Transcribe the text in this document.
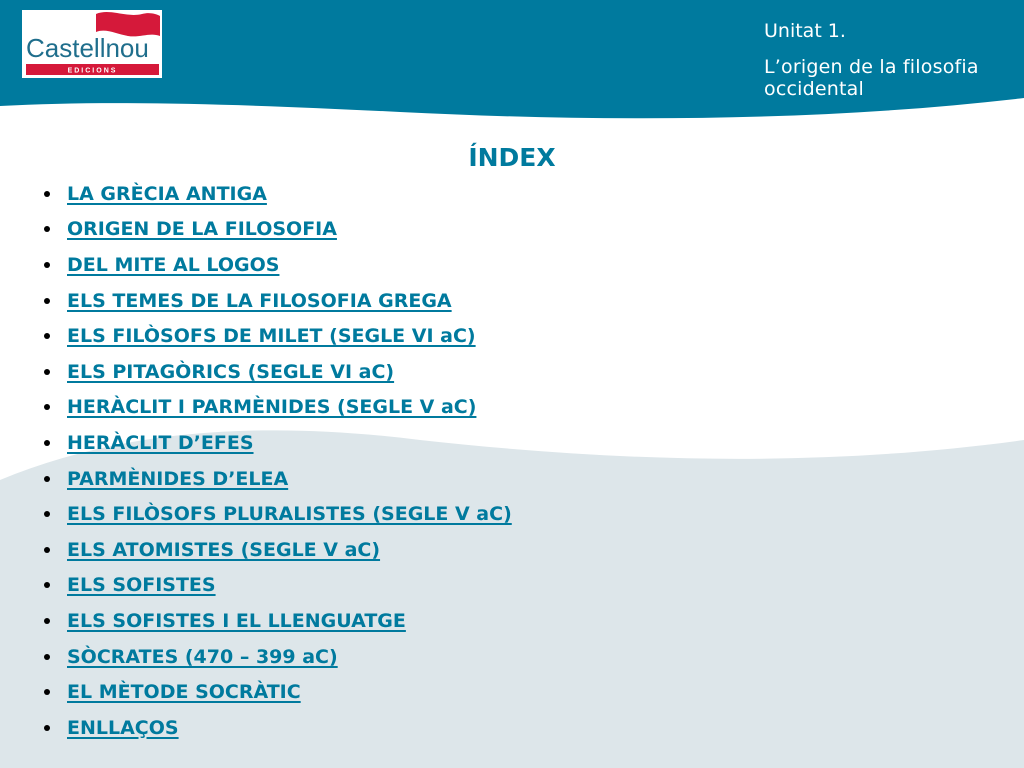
Castellnou
EDICIONS
Unitat 1.
L’origen de la filosofia occidental
ÍNDEX
LA GRÈCIA ANTIGA
ORIGEN DE LA FILOSOFIA
DEL MITE AL LOGOS
ELS TEMES DE LA FILOSOFIA GREGA
ELS FILÒSOFS DE MILET (SEGLE VI aC)
ELS PITAGÒRICS (SEGLE VI aC)
HERÀCLIT I PARMÈNIDES (SEGLE V aC)
HERÀCLIT D’EFES
PARMÈNIDES D’ELEA
ELS FILÒSOFS PLURALISTES (SEGLE V aC)
ELS ATOMISTES (SEGLE V aC)
ELS SOFISTES
ELS SOFISTES I EL LLENGUATGE
SÒCRATES (470 – 399 aC)
EL MÈTODE SOCRÀTIC
ENLLAÇOS
